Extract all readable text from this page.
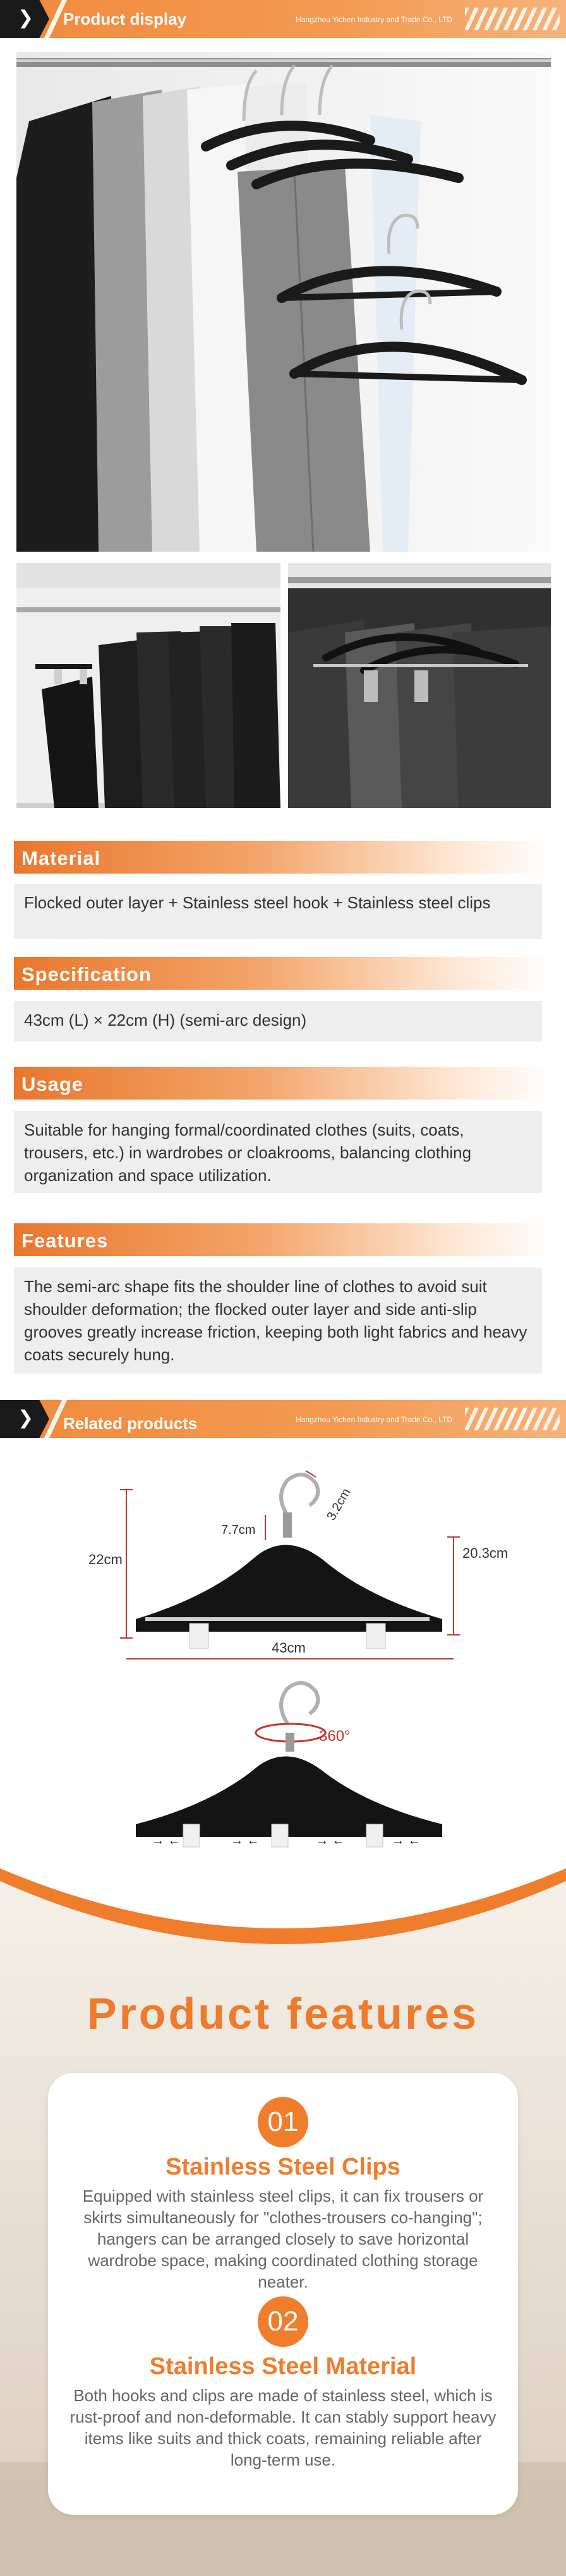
❯ Product display	Hangzhou Yichen Industry and Trade Co., LTD
Material
Flocked outer layer + Stainless steel hook + Stainless steel clips
Specification
43cm (L) × 22cm (H) (semi-arc design)
Usage
Suitable for hanging formal/coordinated clothes (suits, coats, trousers, etc.) in wardrobes or cloakrooms, balancing clothing organization and space utilization.
Features
The semi-arc shape fits the shoulder line of clothes to avoid suit shoulder deformation; the flocked outer layer and side anti-slip grooves greatly increase friction, keeping both light fabrics and heavy coats securely hung.
❯ Related products	Hangzhou Yichen Industry and Trade Co., LTD
22cm
7.7cm
3.2cm
20.3cm
43cm
360°
→ ←	→ ←	→ ←	→ ←
Product features
01
Stainless Steel Clips
Equipped with stainless steel clips, it can fix trousers or skirts simultaneously for "clothes-trousers co-hanging"; hangers can be arranged closely to save horizontal wardrobe space, making coordinated clothing storage neater.
02
Stainless Steel Material
Both hooks and clips are made of stainless steel, which is rust-proof and non-deformable. It can stably support heavy items like suits and thick coats, remaining reliable after long-term use.
